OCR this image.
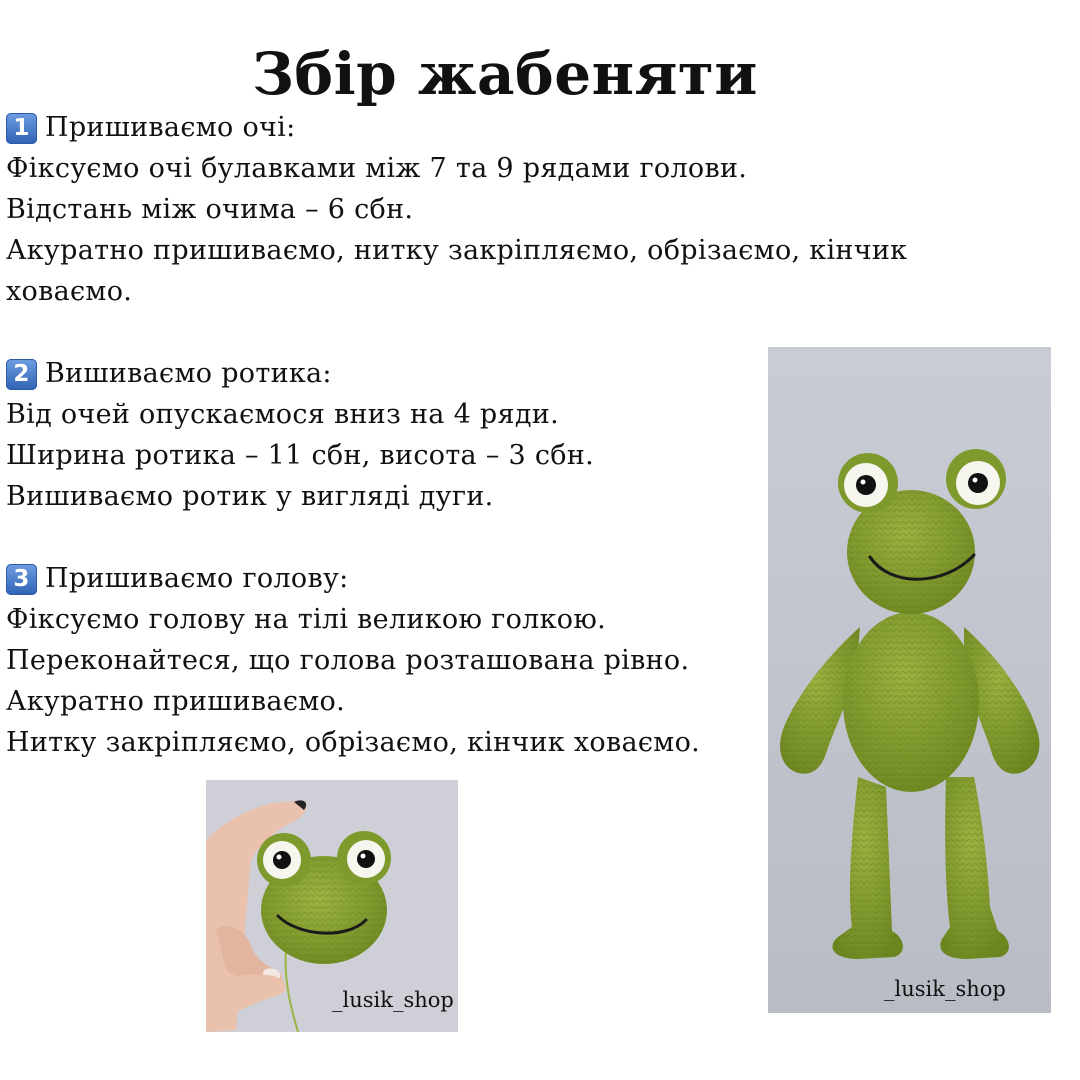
Збір жабеняти
1 Пришиваємо очі:
Фіксуємо очі булавками між 7 та 9 рядами голови.
Відстань між очима – 6 сбн.
Акуратно пришиваємо, нитку закріпляємо, обрізаємо, кінчик
ховаємо.
2 Вишиваємо ротика:
Від очей опускаємося вниз на 4 ряди.
Ширина ротика – 11 сбн, висота – 3 сбн.
Вишиваємо ротик у вигляді дуги.
3 Пришиваємо голову:
Фіксуємо голову на тілі великою голкою.
Переконайтеся, що голова розташована рівно.
Акуратно пришиваємо.
Нитку закріпляємо, обрізаємо, кінчик ховаємо.
_lusik_shop	_lusik_shop
